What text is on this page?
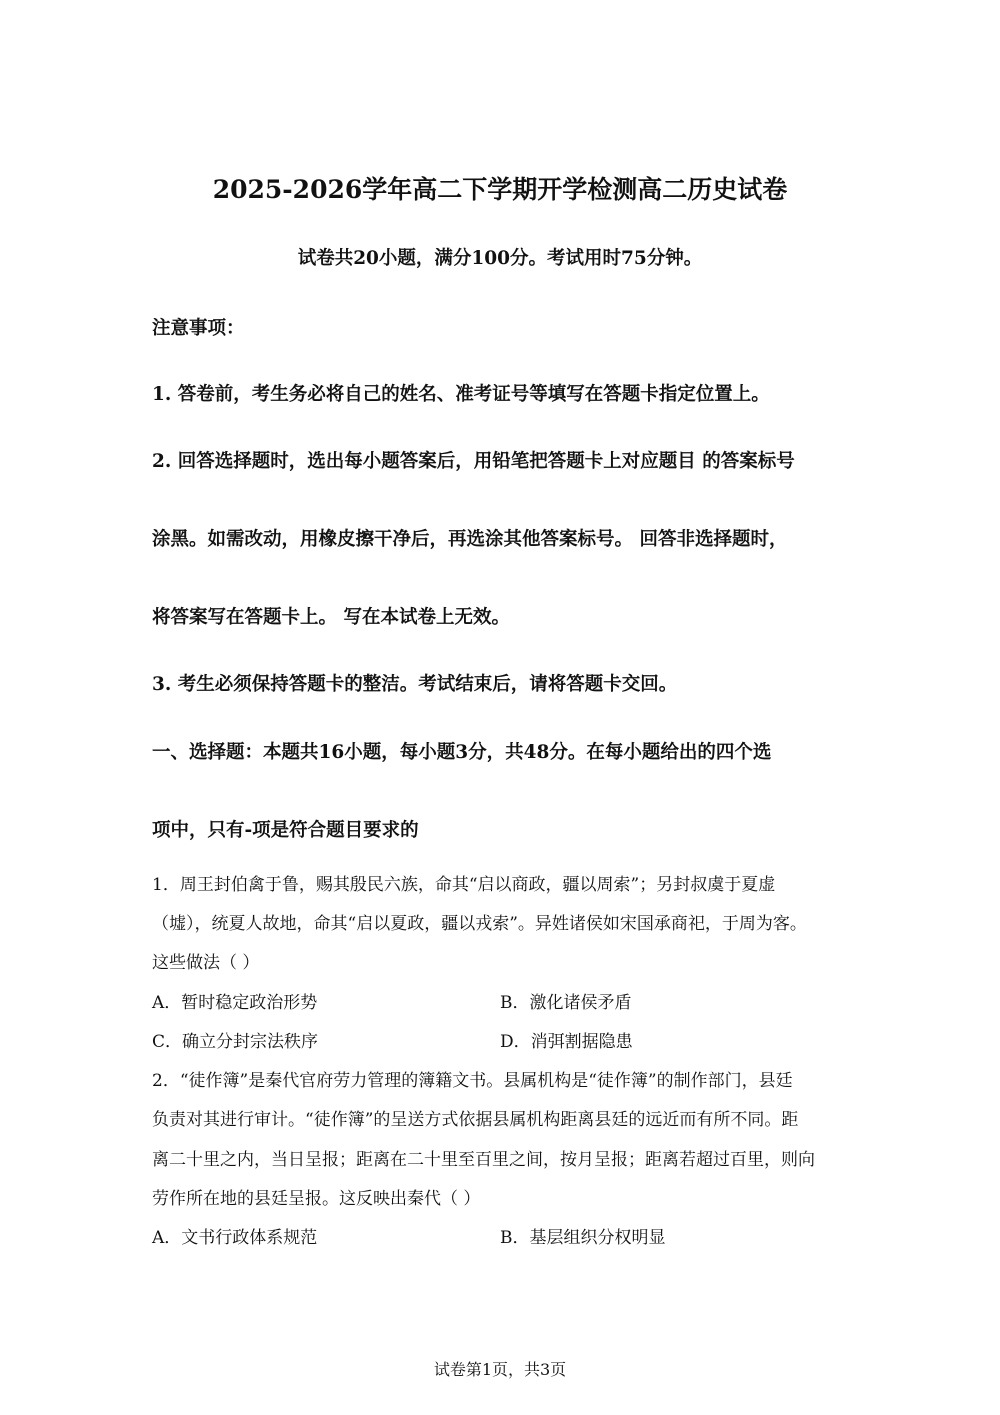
2025-2026学年高二下学期开学检测高二历史试卷

试卷共20小题，满分100分。考试用时75分钟。

注意事项：

1. 答卷前，考生务必将自己的姓名、准考证号等填写在答题卡指定位置上。

2. 回答选择题时，选出每小题答案后，用铅笔把答题卡上对应题目 的答案标号

涂黑。如需改动，用橡皮擦干净后，再选涂其他答案标号。 回答非选择题时，

将答案写在答题卡上。 写在本试卷上无效。

3. 考生必须保持答题卡的整洁。考试结束后，请将答题卡交回。

一、选择题：本题共16小题，每小题3分，共48分。在每小题给出的四个选

项中，只有-项是符合题目要求的

1．周王封伯禽于鲁，赐其殷民六族，命其“启以商政，疆以周索”；另封叔虞于夏虚

（墟），统夏人故地，命其“启以夏政，疆以戎索”。异姓诸侯如宋国承商祀，于周为客。

这些做法（ ）

A．暂时稳定政治形势	B．激化诸侯矛盾

C．确立分封宗法秩序	D．消弭割据隐患

2．“徒作簿”是秦代官府劳力管理的簿籍文书。县属机构是“徒作簿”的制作部门，县廷

负责对其进行审计。“徒作簿”的呈送方式依据县属机构距离县廷的远近而有所不同。距

离二十里之内，当日呈报；距离在二十里至百里之间，按月呈报；距离若超过百里，则向

劳作所在地的县廷呈报。这反映出秦代（ ）

A．文书行政体系规范	B．基层组织分权明显

试卷第1页，共3页
